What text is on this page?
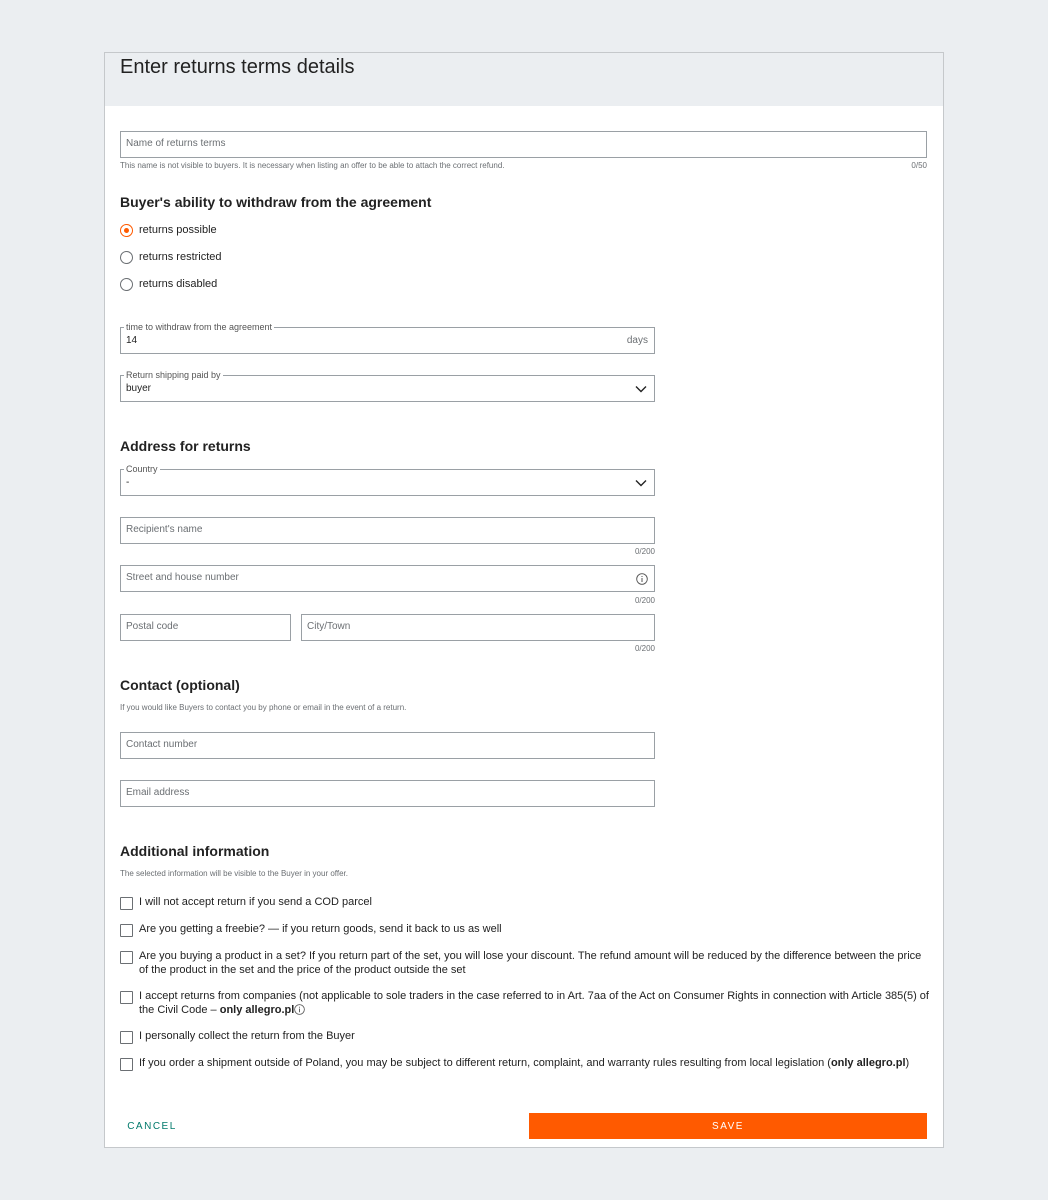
Enter returns terms details
Name of returns terms
This name is not visible to buyers. It is necessary when listing an offer to be able to attach the correct refund.	0/50
Buyer's ability to withdraw from the agreement
returns possible
returns restricted
returns disabled
time to withdraw from the agreement
14	days
Return shipping paid by
buyer
Address for returns
Country
-
Recipient's name
0/200
Street and house number
0/200
Postal code	City/Town
0/200
Contact (optional)
If you would like Buyers to contact you by phone or email in the event of a return.
Contact number
Email address
Additional information
The selected information will be visible to the Buyer in your offer.
I will not accept return if you send a COD parcel
Are you getting a freebie? — if you return goods, send it back to us as well
Are you buying a product in a set? If you return part of the set, you will lose your discount. The refund amount will be reduced by the difference between the price of the product in the set and the price of the product outside the set
I accept returns from companies (not applicable to sole traders in the case referred to in Art. 7aa of the Act on Consumer Rights in connection with Article 385(5) of the Civil Code – only allegro.pl
I personally collect the return from the Buyer
If you order a shipment outside of Poland, you may be subject to different return, complaint, and warranty rules resulting from local legislation (only allegro.pl)
CANCEL	SAVE
